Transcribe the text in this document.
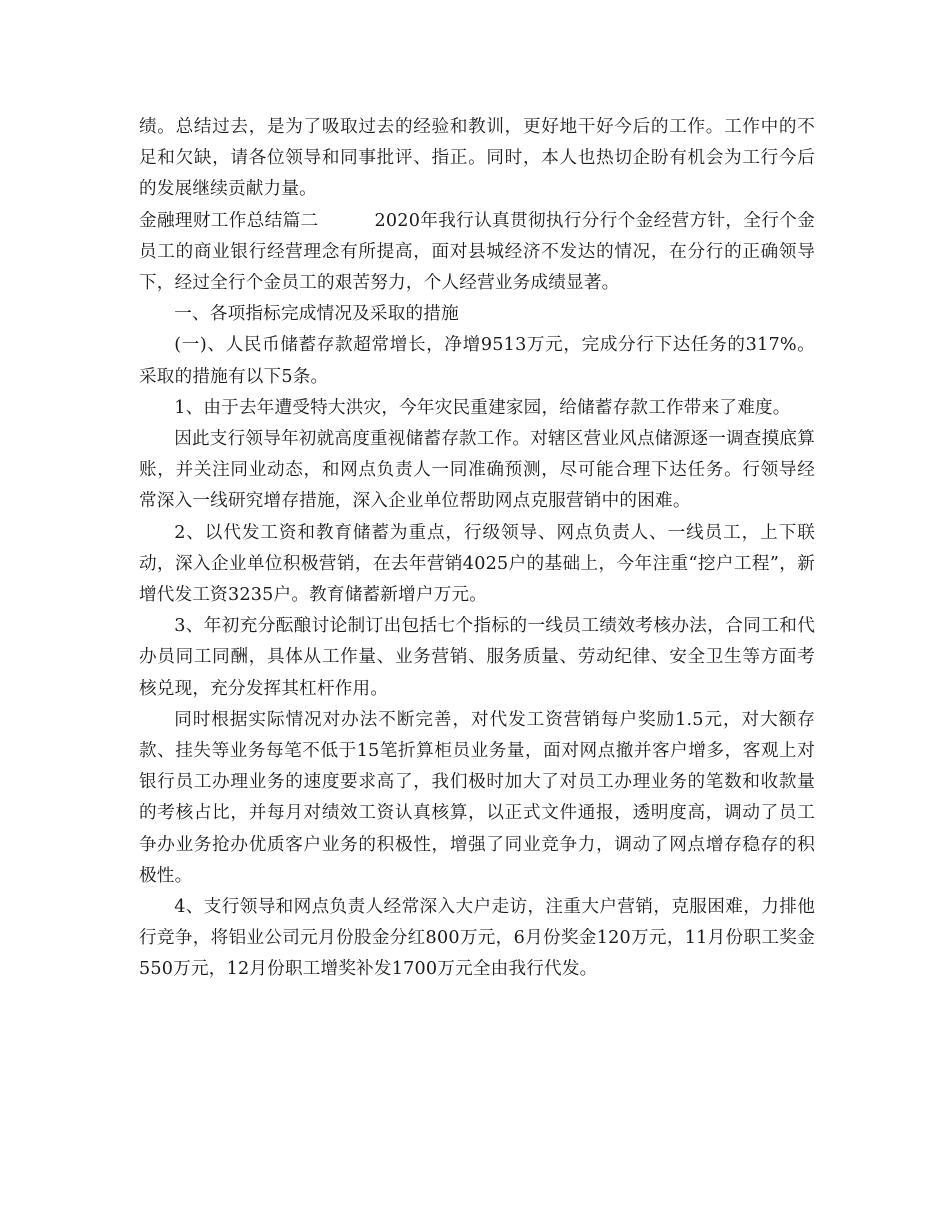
绩。总结过去，是为了吸取过去的经验和教训，更好地干好今后的工作。工作中的不足和欠缺，请各位领导和同事批评、指正。同时，本人也热切企盼有机会为工行今后的发展继续贡献力量。

金融理财工作总结篇二	2020年我行认真贯彻执行分行个金经营方针，全行个金员工的商业银行经营理念有所提高，面对县城经济不发达的情况，在分行的正确领导下，经过全行个金员工的艰苦努力，个人经营业务成绩显著。

一、各项指标完成情况及采取的措施

(一)、人民币储蓄存款超常增长，净增9513万元，完成分行下达任务的317%。采取的措施有以下5条。

1、由于去年遭受特大洪灾，今年灾民重建家园，给储蓄存款工作带来了难度。

因此支行领导年初就高度重视储蓄存款工作。对辖区营业风点储源逐一调查摸底算账，并关注同业动态，和网点负责人一同准确预测，尽可能合理下达任务。行领导经常深入一线研究增存措施，深入企业单位帮助网点克服营销中的困难。

2、以代发工资和教育储蓄为重点，行级领导、网点负责人、一线员工，上下联动，深入企业单位积极营销，在去年营销4025户的基础上，今年注重“挖户工程”，新增代发工资3235户。教育储蓄新增户万元。

3、年初充分酝酿讨论制订出包括七个指标的一线员工绩效考核办法，合同工和代办员同工同酬，具体从工作量、业务营销、服务质量、劳动纪律、安全卫生等方面考核兑现，充分发挥其杠杆作用。

同时根据实际情况对办法不断完善，对代发工资营销每户奖励1.5元，对大额存款、挂失等业务每笔不低于15笔折算柜员业务量，面对网点撤并客户增多，客观上对银行员工办理业务的速度要求高了，我们极时加大了对员工办理业务的笔数和收款量的考核占比，并每月对绩效工资认真核算，以正式文件通报，透明度高，调动了员工争办业务抢办优质客户业务的积极性，增强了同业竞争力，调动了网点增存稳存的积极性。

4、支行领导和网点负责人经常深入大户走访，注重大户营销，克服困难，力排他行竞争，将铝业公司元月份股金分红800万元，6月份奖金120万元，11月份职工奖金550万元，12月份职工增奖补发1700万元全由我行代发。
